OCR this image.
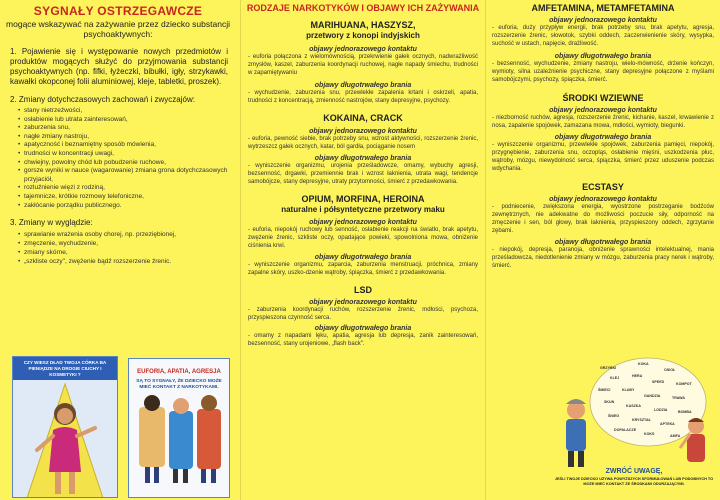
SYGNAŁY OSTRZEGAWCZE
mogące wskazywać na zażywanie przez dziecko substancji psychoaktywnych:
1. Pojawienie się i występowanie nowych przedmiotów i produktów mogących służyć do przyjmowania substancji psychoaktywnych (np. fifki, łyżeczki, bibułki, igły, strzykawki, kawałki okopconej folii aluminiowej, kleje, tabletki, proszek).
2. Zmiany dotychczasowych zachowań i zwyczajów:
• stany nietrzeźwości,
• osłabienie lub utrata zainteresowań,
• zaburzenia snu,
• nagłe zmiany nastroju,
• apatyczność i beznamiętny sposób mówienia,
• trudności w koncentracji uwagi,
• chwiejny, powolny chód lub pobudzenie ruchowe,
• gorsze wyniki w nauce (wagarowanie) zmiana grona dotychczasowych przyjaciół,
• rozluźnienie więzi z rodziną,
• tajemnicze, krótkie rozmowy telefoniczne,
• zakłócanie porządku publicznego.
3. Zmiany w wyglądzie:
• sprawianie wrażenia osoby chorej, np. przeziębionej,
• zmęczenie, wychudzenie,
• zmiany skórne,
• „szkliste oczy", zwężenie bądź rozszerzenie źrenic.
CZY WIESZ DŁAD TWOJA CÓRKA BA PIENIĄDZE NA DROGIE CIUCHY I KOSMETYKI ?	EUFORIA, APATIA, AGRESJA
SĄ TO SYGNAŁY, ŻE DZIECKO MOŻE MIEĆ KONTAKT Z NARKOTYKAMI.
RODZAJE NARKOTYKÓW I OBJAWY ICH ZAŻYWANIA
MARIHUANA, HASZYSZ,
przetwory z konopi indyjskich
objawy jednorazowego kontaktu

- euforia połączona z wielomównością, przekrwienie gałek ocznych, nadwrażliwość zmysłów, kaszel, zaburzenia koordynacji ruchowej, nagłe napady śmiechu, trudności w zapamiętywaniu

objawy długotrwałego brania

- wychudzenie, zaburzenia snu, przewlekłe zapalenia krtani i oskrzeli, apatia, trudności z koncentracją, zmienność nastrojów, stany depresyjne, psychozy.

KOKAINA, CRACK
objawy jednorazowego kontaktu

- euforia, pewność siebie, brak potrzeby snu, wzrost aktywności, rozszerzenie źrenic, wytrzeszcz gałek ocznych, katar, ból gardła, pociąganie nosem

objawy długotrwałego brania

- wyniszczenie organizmu, urojenia prześladowcze, omamy, wybuchy agresji, bezsenność, drgawki, przemiennie brak i wzrost łaknienia, utrata wagi, tendencje samobójcze, stany depresyjne, utraty przytomności, śmierć z przedawkowania.

OPIUM, MORFINA, HEROINA
naturalne i półsyntetyczne przetwory maku
objawy jednorazowego kontaktu

- euforia, niepokój ruchowy lub senność, osłabienie reakcji na światło, brak apetytu, zwężenie źrenic, szkliste oczy, opadające powieki, spowolniona mowa, obniżenie ciśnienia krwi.

objawy długotrwałego brania

- wyniszczenie organizmu, zaparcia, zaburzenia menstruacji, próchnica, zmiany zapalne skóry, uszko-dzenie wątroby, śpiączka, śmierć z przedawkowania.

LSD
objawy jednorazowego kontaktu

- zaburzenia koordynacji ruchów, rozszerzenie źrenic, mdłości, psychoza, przyspieszona czynność serca.

objawy długotrwałego brania

- omamy z napadami lęku, apatia, agresja lub depresja, zanik zainteresowań, bezsenność, stany urojeniowe, „flash back".

AMFETAMINA, METAMFETAMINA
objawy jednorazowego kontaktu

- euforia, duży przypływ energii, brak potrzeby snu, brak apetytu, agresja, rozszerzenie źrenic, słowotok, szybki oddech, zaczerwienienie skóry, wysypka, suchość w ustach, napięcie, drażliwość.

objawy długotrwałego brania

- bezsenność, wychudzenie, zmiany nastroju, wielo-mówność, drżenie kończyn, wymioty, silna uzależnienie psychiczne, stany depresyjne połączone z myślami samobójczymi, psychozy, śpiączka, śmierć.

ŚRODKI WZIEWNE
objawy jednorazowego kontaktu

- niezborność ruchów, agresja, rozszerzenie źrenic, kichanie, kaszel, krwawienie z nosa, zapalenie spojówek, zamazana mowa, mdłości, wymioty, biegunki.

objawy długotrwałego brania

- wyniszczenie organizmu, przewlekłe spojówek, zaburzenia pamięci, niepokój, przygnębienie, zaburzenia snu, oczopląs, osłabienie mięśni, uszkodzenia płuc, wątroby, mózgu, niewydolność serca, śpiączka, śmierć przez uduszenie podczas wdychania.

ECSTASY
objawy jednorazowego kontaktu

- podniecenie, zwiększona energia, wyostrzone postrzeganie bodźców zewnętrznych, nie adekwatne do możliwości poczucie siły, odporność na zmęczenie i sen, ból głowy, brak łaknienia, przyspieszony oddech, zgrzytanie zębami.

objawy długotrwałego brania

- niepokój, depresja, paranoja, obniżenie sprawności intelektualnej, mania prześladowcza, niedotlenienie zmiany w mózgu, zaburzenia pracy nerek i wątroby, śmierć.

GRZYBKI
KOKA
OSIOŁ
KLEJ	HERA
SPEED	KOMPOT
ŚMIECI	KLUBY
GANDZIA	TRAWA
SKUN
KASZKA
LODZIA	BOMBA
ŚNIEG
KRYSZTAŁ
APTEKA
DOPALACZE
KOKS	AMFA
ZWRÓĆ UWAGĘ,
JEŚLI TWOJE DZIECKO UŻYWA POWYŻSZYCH SFORMUŁOWAŃ LUB PODOBNYCH TO MOŻE MIEĆ KONTAKT ZE ŚRODKAMI ODURZAJĄCYMI.
